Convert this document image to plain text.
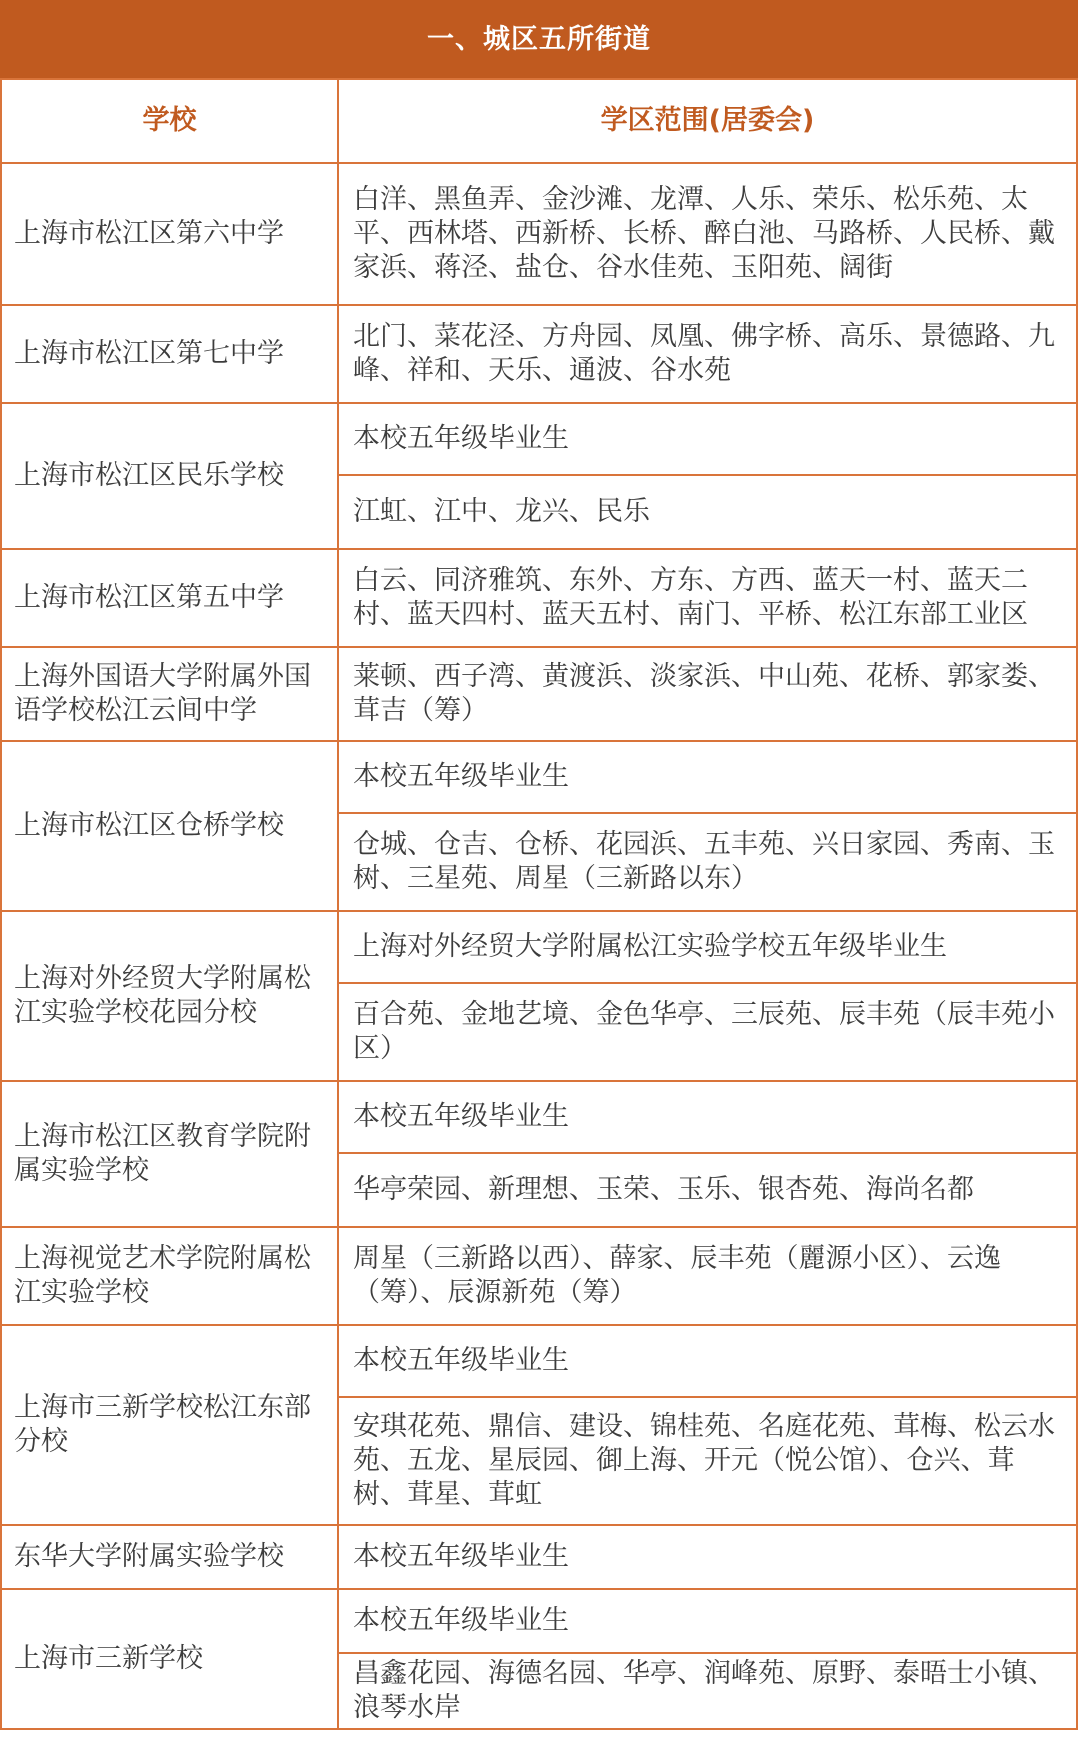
一、城区五所街道
学校	学区范围(居委会)
上海市松江区第六中学	白洋、黑鱼弄、金沙滩、龙潭、人乐、荣乐、松乐苑、太平、西林塔、西新桥、长桥、醉白池、马路桥、人民桥、戴家浜、蒋泾、盐仓、谷水佳苑、玉阳苑、阔街
上海市松江区第七中学	北门、菜花泾、方舟园、凤凰、佛字桥、高乐、景德路、九峰、祥和、天乐、通波、谷水苑
上海市松江区民乐学校	本校五年级毕业生
	江虹、江中、龙兴、民乐
上海市松江区第五中学	白云、同济雅筑、东外、方东、方西、蓝天一村、蓝天二村、蓝天四村、蓝天五村、南门、平桥、松江东部工业区
上海外国语大学附属外国语学校松江云间中学	莱顿、西子湾、黄渡浜、淡家浜、中山苑、花桥、郭家娄、茸吉（筹）
上海市松江区仓桥学校	本校五年级毕业生
	仓城、仓吉、仓桥、花园浜、五丰苑、兴日家园、秀南、玉树、三星苑、周星（三新路以东）
上海对外经贸大学附属松江实验学校花园分校	上海对外经贸大学附属松江实验学校五年级毕业生
	百合苑、金地艺境、金色华亭、三辰苑、辰丰苑（辰丰苑小区）
上海市松江区教育学院附属实验学校	本校五年级毕业生
	华亭荣园、新理想、玉荣、玉乐、银杏苑、海尚名都
上海视觉艺术学院附属松江实验学校	周星（三新路以西）、薛家、辰丰苑（麗源小区）、云逸（筹）、辰源新苑（筹）
上海市三新学校松江东部分校	本校五年级毕业生
	安琪花苑、鼎信、建设、锦桂苑、名庭花苑、茸梅、松云水苑、五龙、星辰园、御上海、开元（悦公馆）、仓兴、茸树、茸星、茸虹
东华大学附属实验学校	本校五年级毕业生
上海市三新学校	本校五年级毕业生
	昌鑫花园、海德名园、华亭、润峰苑、原野、泰晤士小镇、浪琴水岸
